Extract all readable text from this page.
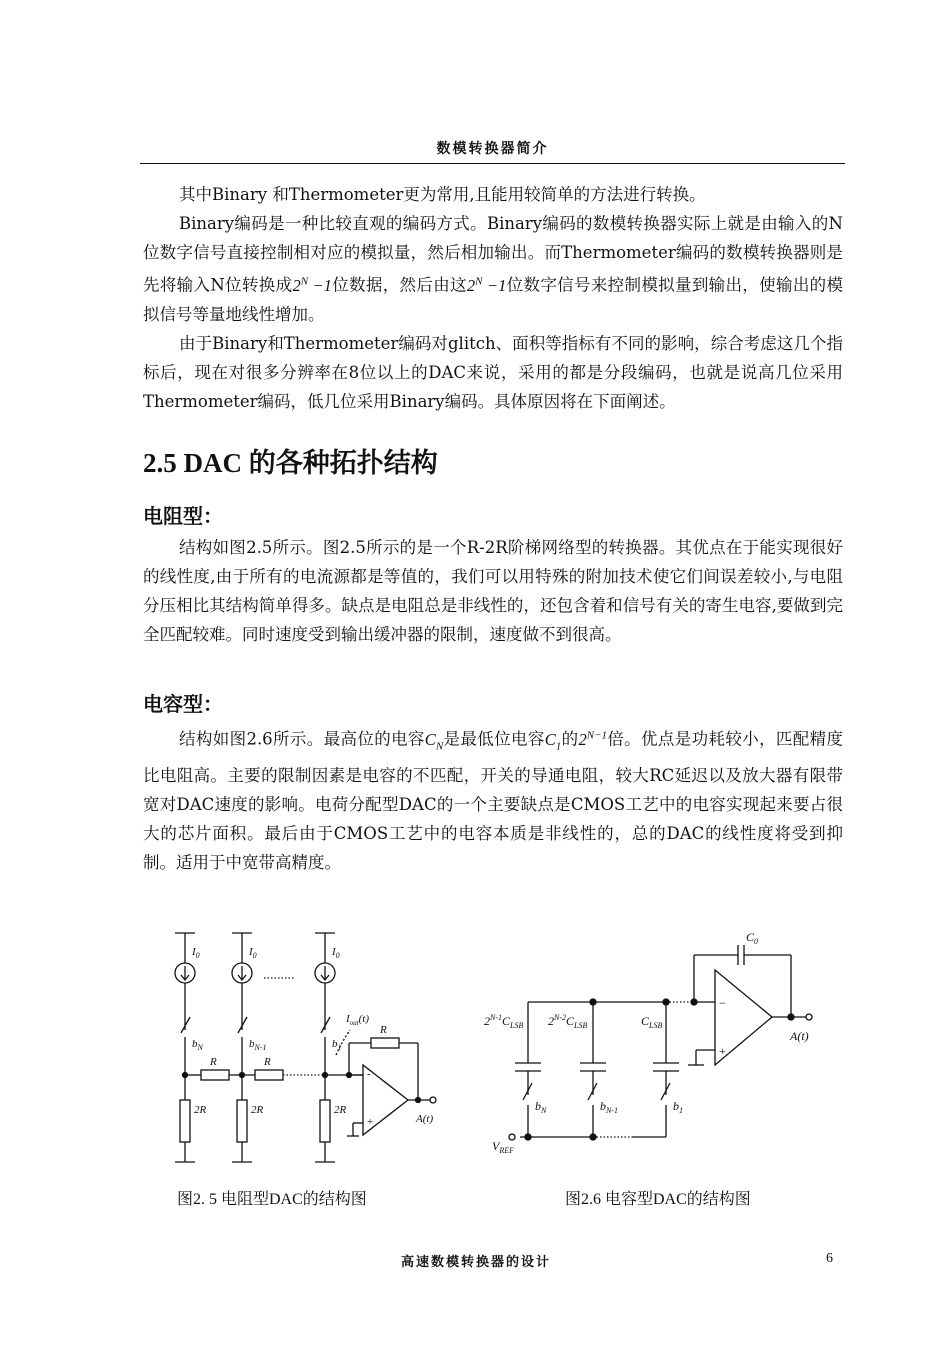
数模转换器简介

其中Binary 和Thermometer更为常用,且能用较简单的方法进行转换。

Binary编码是一种比较直观的编码方式。Binary编码的数模转换器实际上就是由输入的N位数字信号直接控制相对应的模拟量，然后相加输出。而Thermometer编码的数模转换器则是先将输入N位转换成$2^N -1$位数据，然后由这$2^N -1$位数字信号来控制模拟量到输出，使输出的模拟信号等量地线性增加。

由于Binary和Thermometer编码对glitch、面积等指标有不同的影响，综合考虑这几个指标后，现在对很多分辨率在8位以上的DAC来说，采用的都是分段编码，也就是说高几位采用Thermometer编码，低几位采用Binary编码。具体原因将在下面阐述。

2.5 DAC 的各种拓扑结构
电阻型：

结构如图2.5所示。图2.5所示的是一个R-2R阶梯网络型的转换器。其优点在于能实现很好的线性度,由于所有的电流源都是等值的，我们可以用特殊的附加技术使它们间误差较小,与电阻分压相比其结构简单得多。缺点是电阻总是非线性的，还包含着和信号有关的寄生电容,要做到完全匹配较难。同时速度受到输出缓冲器的限制，速度做不到很高。

电容型：

结构如图2.6所示。最高位的电容$C_N$是最低位电容$C_1$的$2^{N-1}$倍。优点是功耗较小，匹配精度比电阻高。主要的限制因素是电容的不匹配，开关的导通电阻，较大RC延迟以及放大器有限带宽对DAC速度的影响。电荷分配型DAC的一个主要缺点是CMOS工艺中的电容实现起来要占很大的芯片面积。最后由于CMOS工艺中的电容本质是非线性的，总的DAC的线性度将受到抑制。适用于中宽带高精度。

$I_0$
$b_N$
2R
$I_0$
$b_{N-1}$
2R
$I_0$
$b_1$
2R
R	R
R
$I_{out}(t)$
-
+	A(t)
$2^{N-1}C_{LSB}$
$b_N$
$2^{N-2}C_{LSB}$
$b_{N-1}$
$C_{LSB}$
$b_1$
$V_{REF}$
$C_0$
−
+
A(t)
图2. 5 电阻型DAC的结构图	图2.6 电容型DAC的结构图
高速数模转换器的设计	6
